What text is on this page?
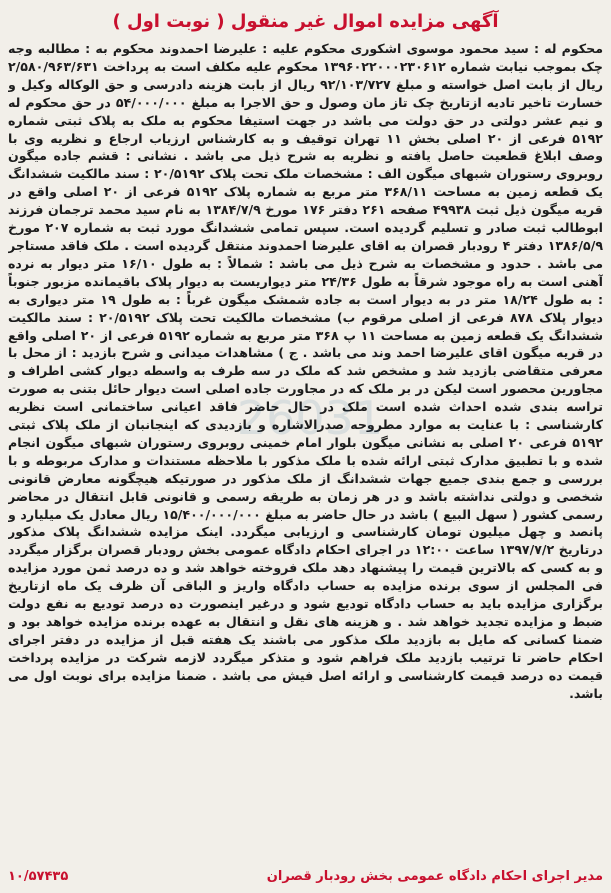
26031
آگهی مزایده اموال غیر منقول ( نوبت اول )

محکوم له : سید محمود موسوی اشکوری محکوم علیه : علیرضا احمدوند محکوم به : مطالبه وجه چک بموجب نیابت شماره ۱۳۹۶۰۲۲۰۰۰۲۳۰۶۱۲ محکوم علیه مکلف است به پرداخت ۲/۵۸۰/۹۶۳/۶۳۱ ریال از بابت اصل خواسته و مبلغ ۹۲/۱۰۳/۷۲۷ ریال از بابت هزینه دادرسی و حق الوکاله وکیل و خسارت تاخیر تادیه ازتاریخ چک تاز مان وصول و حق الاجرا به مبلغ ۵۴/۰۰۰/۰۰۰ در حق محکوم له و نیم عشر دولتی در حق دولت می باشد در جهت استیفا محکوم به ملک به پلاک ثبتی شماره ۵۱۹۲ فرعی از ۲۰ اصلی بخش ۱۱ تهران توقیف و به کارشناس ارزیاب ارجاع و نظریه وی با وصف ابلاغ قطعیت حاصل یافته و نظریه به شرح ذیل می باشد . نشانی : قشم جاده میگون روبروی رستوران شبهای میگون الف : مشخصات ملک تحت پلاک ۲۰/۵۱۹۲ : سند مالکیت ششدانگ یک قطعه زمین به مساحت ۳۶۸/۱۱ متر مربع به شماره پلاک ۵۱۹۲ فرعی از ۲۰ اصلی واقع در قریه میگون ذیل ثبت ۴۹۹۳۸ صفحه ۲۶۱ دفتر ۱۷۶ مورخ ۱۳۸۴/۷/۹ به نام سید محمد ترجمان فرزند ابوطالب ثبت صادر و تسلیم گردیده است. سپس تمامی ششدانگ مورد ثبت به شماره ۲۰۷ مورخ ۱۳۸۶/۵/۹ دفتر ۴ رودبار قصران به اقای علیرضا احمدوند منتقل گردیده است . ملک فاقد مستاجر می باشد . حدود و مشخصات به شرح ذیل می باشد : شمالاً : به طول ۱۶/۱۰ متر دیوار به نرده آهنی است به راه موجود شرقاً به طول ۲۴/۳۶ متر دیواریست به دیوار پلاک باقیمانده مزبور جنوباً : به طول ۱۸/۲۴ متر در به دیوار است به جاده شمشک میگون غرباً : به طول ۱۹ متر دیواری به دیوار پلاک ۸۷۸ فرعی از اصلی مرقوم ب) مشخصات مالکیت تحت پلاک ۲۰/۵۱۹۲ : سند مالکیت ششدانگ یک قطعه زمین به مساحت ۱۱ پ ۳۶۸ متر مربع به شماره ۵۱۹۲ فرعی از ۲۰ اصلی واقع در قریه میگون اقای علیرضا احمد وند می باشد . ج ) مشاهدات میدانی و شرح بازدید : از محل با معرفی متقاضی بازدید شد و مشخص شد که ملک در سه طرف به واسطه دیوار کشی اطراف و مجاورین محصور است لیکن در بر ملک که در مجاورت جاده اصلی است دیوار حائل بتنی به صورت تراسه بندی شده احداث شده است ملک در حال حاضر فاقد اعیانی ساختمانی است نظریه کارشناسی : با عنایت به موارد مطروحه صدرالاشاره و بازدیدی که اینجانبان از ملک پلاک ثبتی ۵۱۹۲ فرعی ۲۰ اصلی به نشانی میگون بلوار امام خمینی روبروی رستوران شبهای میگون انجام شده و با تطبیق مدارک ثبتی ارائه شده با ملک مذکور با ملاحظه مستندات و مدارک مربوطه و با بررسی و جمع بندی جمیع جهات ششدانگ از ملک مذکور در صورتیکه هیچگونه معارض قانونی شخصی و دولتی نداشته باشد و در هر زمان به طریقه رسمی و قانونی قابل انتقال در محاضر رسمی کشور ( سهل البیع ) باشد در حال حاضر به مبلغ ۱۵/۴۰۰/۰۰۰/۰۰۰ ریال معادل یک میلیارد و پانصد و چهل میلیون تومان کارشناسی و ارزیابی میگردد. اینک مزایده ششدانگ پلاک مذکور درتاریخ ۱۳۹۷/۷/۲ ساعت ۱۲:۰۰ در اجرای احکام دادگاه عمومی بخش رودبار قصران برگزار میگردد و به کسی که بالاترین قیمت را پیشنهاد دهد ملک فروخته خواهد شد و ده درصد ثمن مورد مزایده فی المجلس از سوی برنده مزایده به حساب دادگاه واریز و الباقی آن ظرف یک ماه ازتاریخ برگزاری مزایده باید به حساب دادگاه تودیع شود و درغیر اینصورت ده درصد تودیع به نفع دولت ضبط و مزایده تجدید خواهد شد . و هزینه های نقل و انتقال به عهده برنده مزایده خواهد بود و ضمنا کسانی که مایل به بازدید ملک مذکور می باشند یک هفته قبل از مزایده در دفتر اجرای احکام حاضر تا ترتیب بازدید ملک فراهم شود و متذکر میگردد لازمه شرکت در مزایده پرداخت قیمت ده درصد قیمت کارشناسی و ارائه اصل فیش می باشد . ضمنا مزایده برای نوبت اول می باشد.

مدیر اجرای احکام دادگاه عمومی بخش رودبار قصران
۱۰/۵۷۴۳۵
